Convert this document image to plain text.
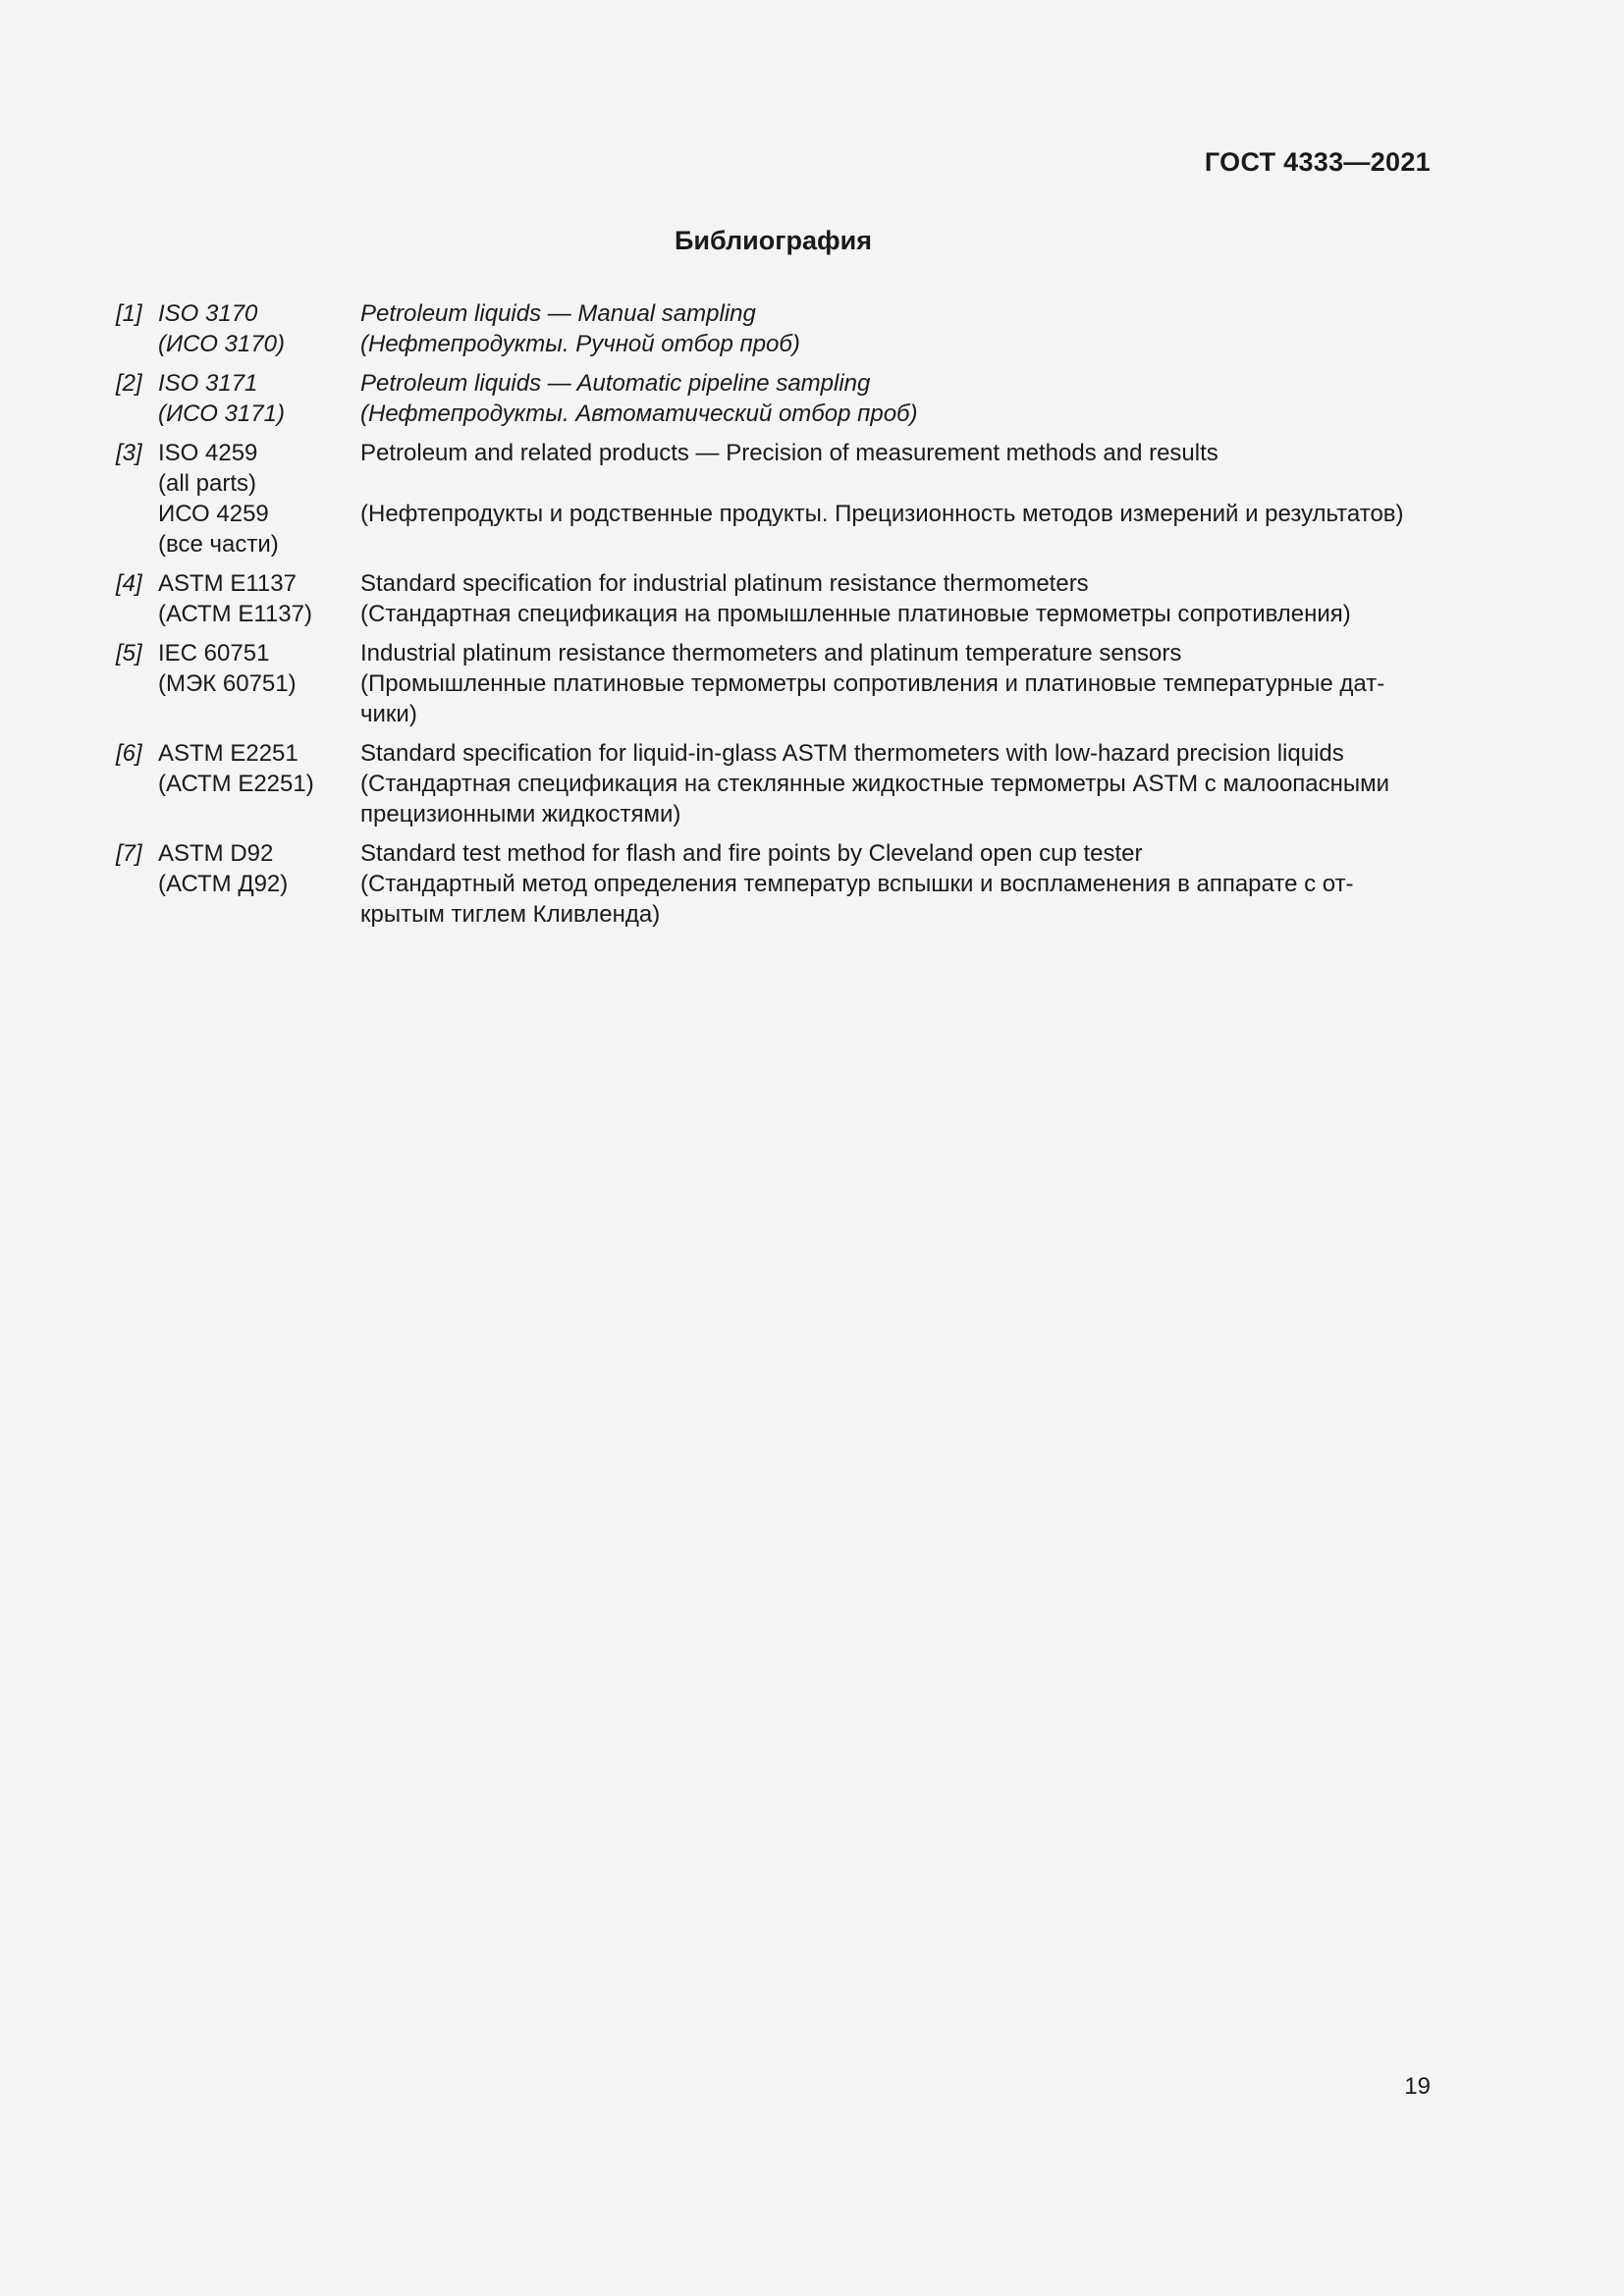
ГОСТ 4333—2021
Библиография
[1] ISO 3170
(ИСО 3170)
Petroleum liquids — Manual sampling
(Нефтепродукты. Ручной отбор проб)
[2] ISO 3171
(ИСО 3171)
Petroleum liquids — Automatic pipeline sampling
(Нефтепродукты. Автоматический отбор проб)
[3] ISO 4259
(all parts)
ИСО 4259
(все части)
Petroleum and related products — Precision of measurement methods and results
(Нефтепродукты и родственные продукты. Прецизионность методов измерений и результатов)
[4] ASTM E1137
(АСТМ Е1137)
Standard specification for industrial platinum resistance thermometers
(Стандартная спецификация на промышленные платиновые термометры сопротивления)
[5] IEC 60751
(МЭК 60751)
Industrial platinum resistance thermometers and platinum temperature sensors
(Промышленные платиновые термометры сопротивления и платиновые температурные дат-
чики)
[6] ASTM E2251
(АСТМ Е2251)
Standard specification for liquid-in-glass ASTM thermometers with low-hazard precision liquids
(Стандартная спецификация на стеклянные жидкостные термометры ASTM с малоопасными
прецизионными жидкостями)
[7] ASTM D92
(АСТМ Д92)
Standard test method for flash and fire points by Cleveland open cup tester
(Стандартный метод определения температур вспышки и воспламенения в аппарате с от-
крытым тиглем Кливленда)
19
